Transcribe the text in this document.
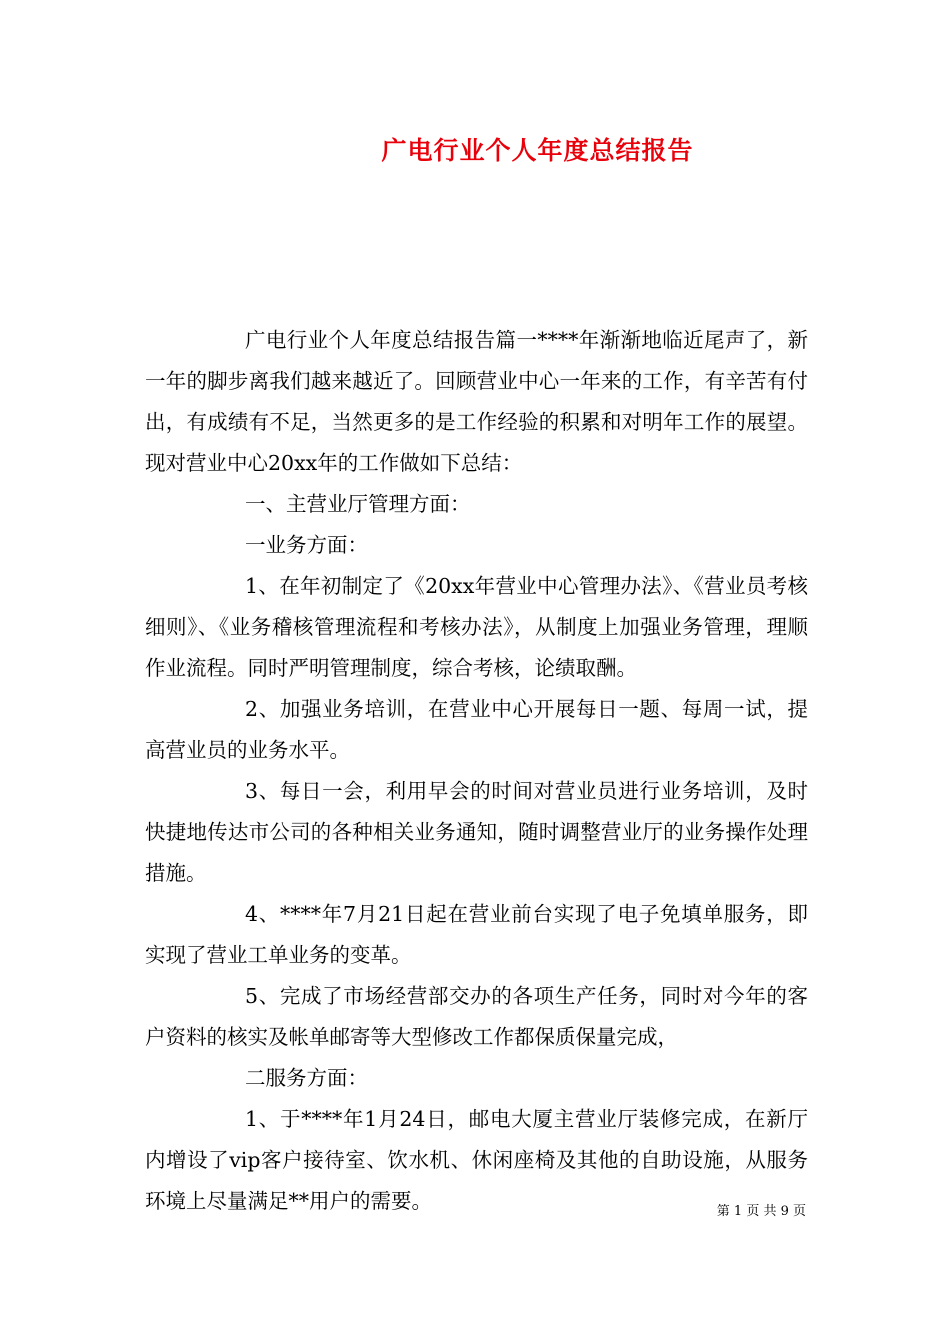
广电行业个人年度总结报告

广电行业个人年度总结报告篇一****年渐渐地临近尾声了，新一年的脚步离我们越来越近了。回顾营业中心一年来的工作，有辛苦有付出，有成绩有不足，当然更多的是工作经验的积累和对明年工作的展望。现对营业中心20xx年的工作做如下总结：

一、主营业厅管理方面：

一业务方面：

1、在年初制定了《20xx年营业中心管理办法》、《营业员考核细则》、《业务稽核管理流程和考核办法》，从制度上加强业务管理，理顺作业流程。同时严明管理制度，综合考核，论绩取酬。

2、加强业务培训，在营业中心开展每日一题、每周一试，提高营业员的业务水平。

3、每日一会，利用早会的时间对营业员进行业务培训，及时快捷地传达市公司的各种相关业务通知，随时调整营业厅的业务操作处理措施。

4、****年7月21日起在营业前台实现了电子免填单服务，即实现了营业工单业务的变革。

5、完成了市场经营部交办的各项生产任务，同时对今年的客户资料的核实及帐单邮寄等大型修改工作都保质保量完成，

二服务方面：

1、于****年1月24日，邮电大厦主营业厅装修完成，在新厅内增设了vip客户接待室、饮水机、休闲座椅及其他的自助设施，从服务环境上尽量满足**用户的需要。	第 1 页 共 9 页
